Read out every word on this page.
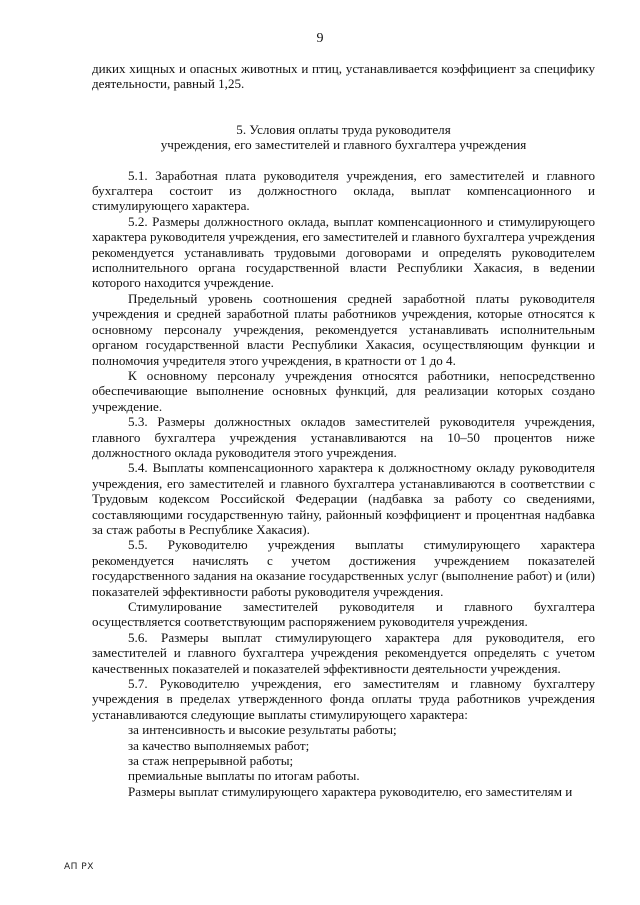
9

диких хищных и опасных животных и птиц, устанавливается коэффициент за специфику деятельности, равный 1,25.

5. Условия оплаты труда руководителя
учреждения, его заместителей и главного бухгалтера учреждения

5.1. Заработная плата руководителя учреждения, его заместителей и главного бухгалтера состоит из должностного оклада, выплат компенсационного и стимулирующего характера.

5.2. Размеры должностного оклада, выплат компенсационного и стимулирующего характера руководителя учреждения, его заместителей и главного бухгалтера учреждения рекомендуется устанавливать трудовыми договорами и определять руководителем исполнительного органа государственной власти Республики Хакасия, в ведении которого находится учреждение.

Предельный уровень соотношения средней заработной платы руководителя учреждения и средней заработной платы работников учреждения, которые относятся к основному персоналу учреждения, рекомендуется устанавливать исполнительным органом государственной власти Республики Хакасия, осуществляющим функции и полномочия учредителя этого учреждения, в кратности от 1 до 4.

К основному персоналу учреждения относятся работники, непосредственно обеспечивающие выполнение основных функций, для реализации которых создано учреждение.

5.3. Размеры должностных окладов заместителей руководителя учреждения, главного бухгалтера учреждения устанавливаются на 10–50 процентов ниже должностного оклада руководителя этого учреждения.

5.4. Выплаты компенсационного характера к должностному окладу руководителя учреждения, его заместителей и главного бухгалтера устанавливаются в соответствии с Трудовым кодексом Российской Федерации (надбавка за работу со сведениями, составляющими государственную тайну, районный коэффициент и процентная надбавка за стаж работы в Республике Хакасия).

5.5. Руководителю учреждения выплаты стимулирующего характера рекомендуется начислять с учетом достижения учреждением показателей государственного задания на оказание государственных услуг (выполнение работ) и (или) показателей эффективности работы руководителя учреждения.

Стимулирование заместителей руководителя и главного бухгалтера осуществляется соответствующим распоряжением руководителя учреждения.

5.6. Размеры выплат стимулирующего характера для руководителя, его заместителей и главного бухгалтера учреждения рекомендуется определять с учетом качественных показателей и показателей эффективности деятельности учреждения.

5.7. Руководителю учреждения, его заместителям и главному бухгалтеру учреждения в пределах утвержденного фонда оплаты труда работников учреждения устанавливаются следующие выплаты стимулирующего характера:

за интенсивность и высокие результаты работы;

за качество выполняемых работ;

за стаж непрерывной работы;

премиальные выплаты по итогам работы.

Размеры выплат стимулирующего характера руководителю, его заместителям и

АП РХ
